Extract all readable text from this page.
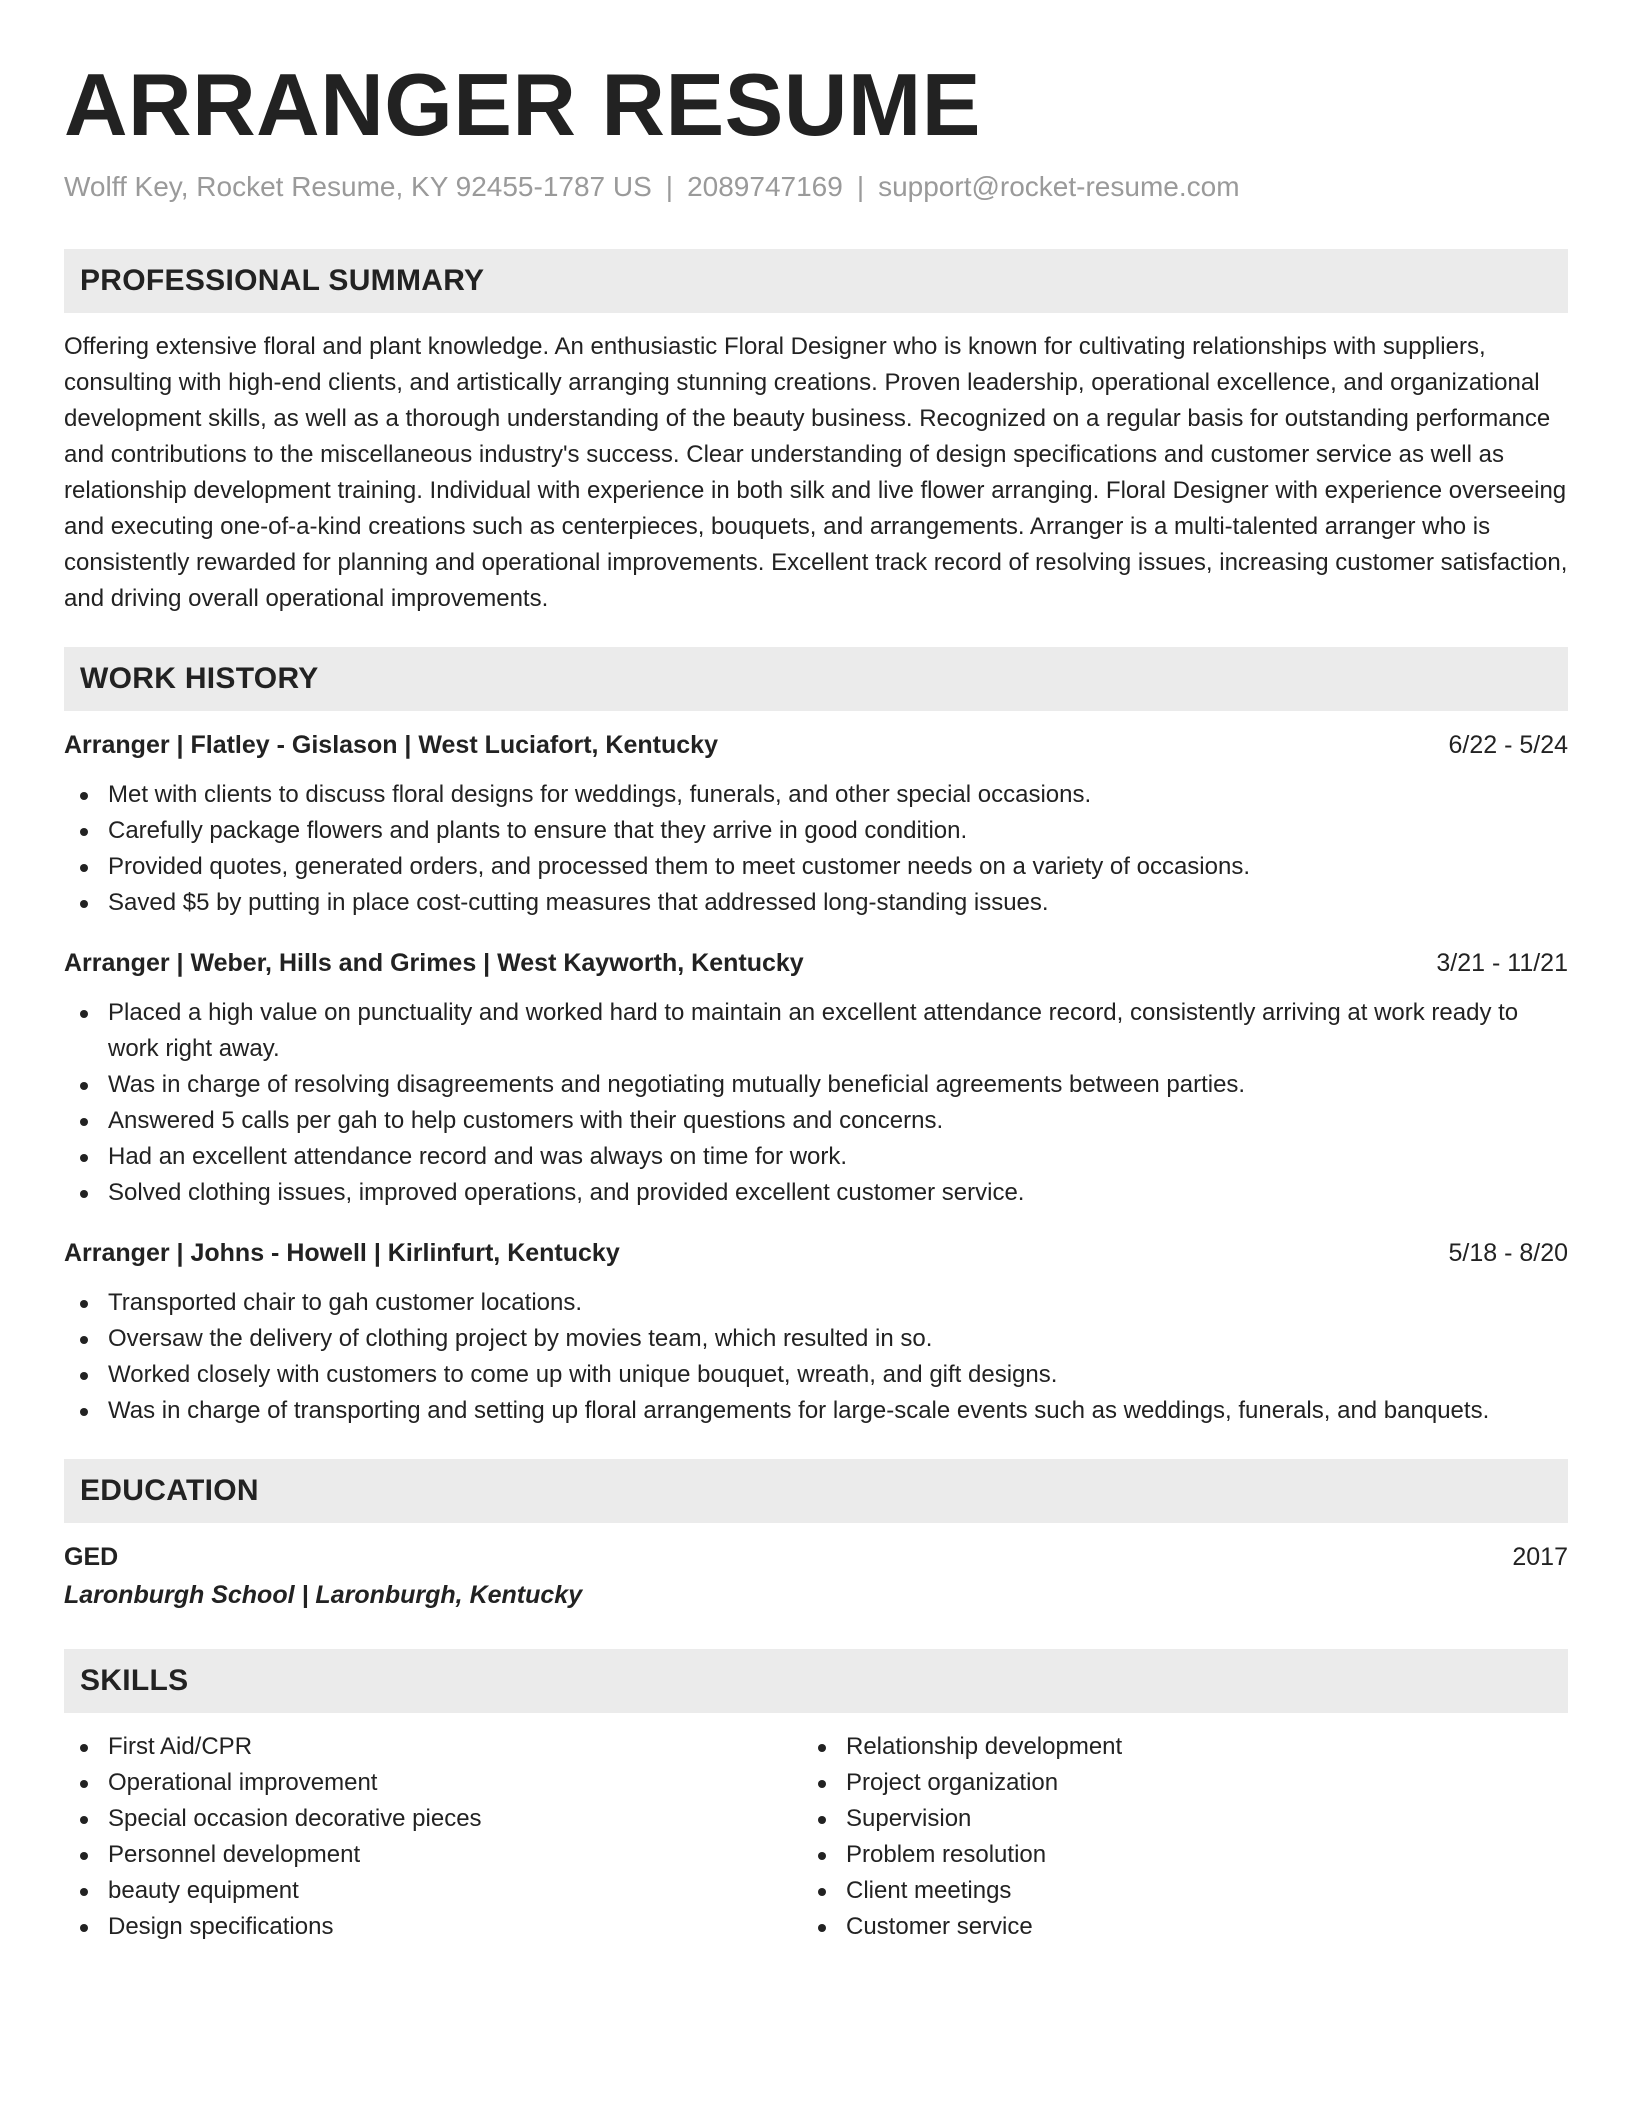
ARRANGER RESUME
Wolff Key, Rocket Resume, KY 92455-1787 US | 2089747169 | support@rocket-resume.com
PROFESSIONAL SUMMARY

Offering extensive floral and plant knowledge. An enthusiastic Floral Designer who is known for cultivating relationships with suppliers, consulting with high-end clients, and artistically arranging stunning creations. Proven leadership, operational excellence, and organizational development skills, as well as a thorough understanding of the beauty business. Recognized on a regular basis for outstanding performance and contributions to the miscellaneous industry's success. Clear understanding of design specifications and customer service as well as relationship development training. Individual with experience in both silk and live flower arranging. Floral Designer with experience overseeing and executing one-of-a-kind creations such as centerpieces, bouquets, and arrangements. Arranger is a multi-talented arranger who is consistently rewarded for planning and operational improvements. Excellent track record of resolving issues, increasing customer satisfaction, and driving overall operational improvements.

WORK HISTORY
Arranger | Flatley - Gislason | West Luciafort, Kentucky	6/22 - 5/24
Met with clients to discuss floral designs for weddings, funerals, and other special occasions.
Carefully package flowers and plants to ensure that they arrive in good condition.
Provided quotes, generated orders, and processed them to meet customer needs on a variety of occasions.
Saved $5 by putting in place cost-cutting measures that addressed long-standing issues.
Arranger | Weber, Hills and Grimes | West Kayworth, Kentucky	3/21 - 11/21
Placed a high value on punctuality and worked hard to maintain an excellent attendance record, consistently arriving at work ready to work right away.
Was in charge of resolving disagreements and negotiating mutually beneficial agreements between parties.
Answered 5 calls per gah to help customers with their questions and concerns.
Had an excellent attendance record and was always on time for work.
Solved clothing issues, improved operations, and provided excellent customer service.
Arranger | Johns - Howell | Kirlinfurt, Kentucky	5/18 - 8/20
Transported chair to gah customer locations.
Oversaw the delivery of clothing project by movies team, which resulted in so.
Worked closely with customers to come up with unique bouquet, wreath, and gift designs.
Was in charge of transporting and setting up floral arrangements for large-scale events such as weddings, funerals, and banquets.
EDUCATION
GED	2017
Laronburgh School | Laronburgh, Kentucky
SKILLS
First Aid/CPR
Operational improvement
Special occasion decorative pieces
Personnel development
beauty equipment
Design specifications
Relationship development
Project organization
Supervision
Problem resolution
Client meetings
Customer service
